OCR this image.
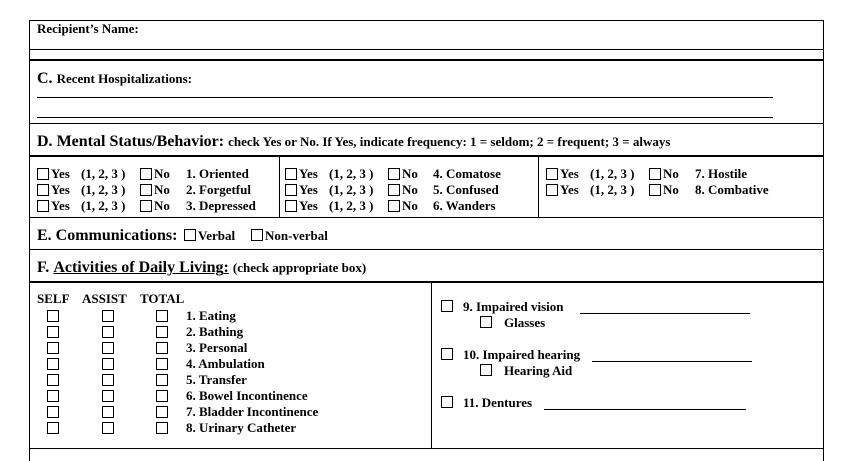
Recipient’s Name:
C. Recent Hospitalizations:
D. Mental Status/Behavior: check Yes or No. If Yes, indicate frequency: 1 = seldom; 2 = frequent; 3 = always
Yes (1, 2, 3 ) No 1. Oriented
Yes (1, 2, 3 ) No 2. Forgetful
Yes (1, 2, 3 ) No 3. Depressed
Yes (1, 2, 3 ) No 4. Comatose
Yes (1, 2, 3 ) No 5. Confused
Yes (1, 2, 3 ) No 6. Wanders
Yes (1, 2, 3 ) No 7. Hostile
Yes (1, 2, 3 ) No 8. Combative
E. Communications: Verbal Non-verbal
F. Activities of Daily Living: (check appropriate box)
SELF ASSIST TOTAL
1. Eating
2. Bathing
3. Personal
4. Ambulation
5. Transfer
6. Bowel Incontinence
7. Bladder Incontinence
8. Urinary Catheter
9. Impaired vision
Glasses
10. Impaired hearing
Hearing Aid
11. Dentures
